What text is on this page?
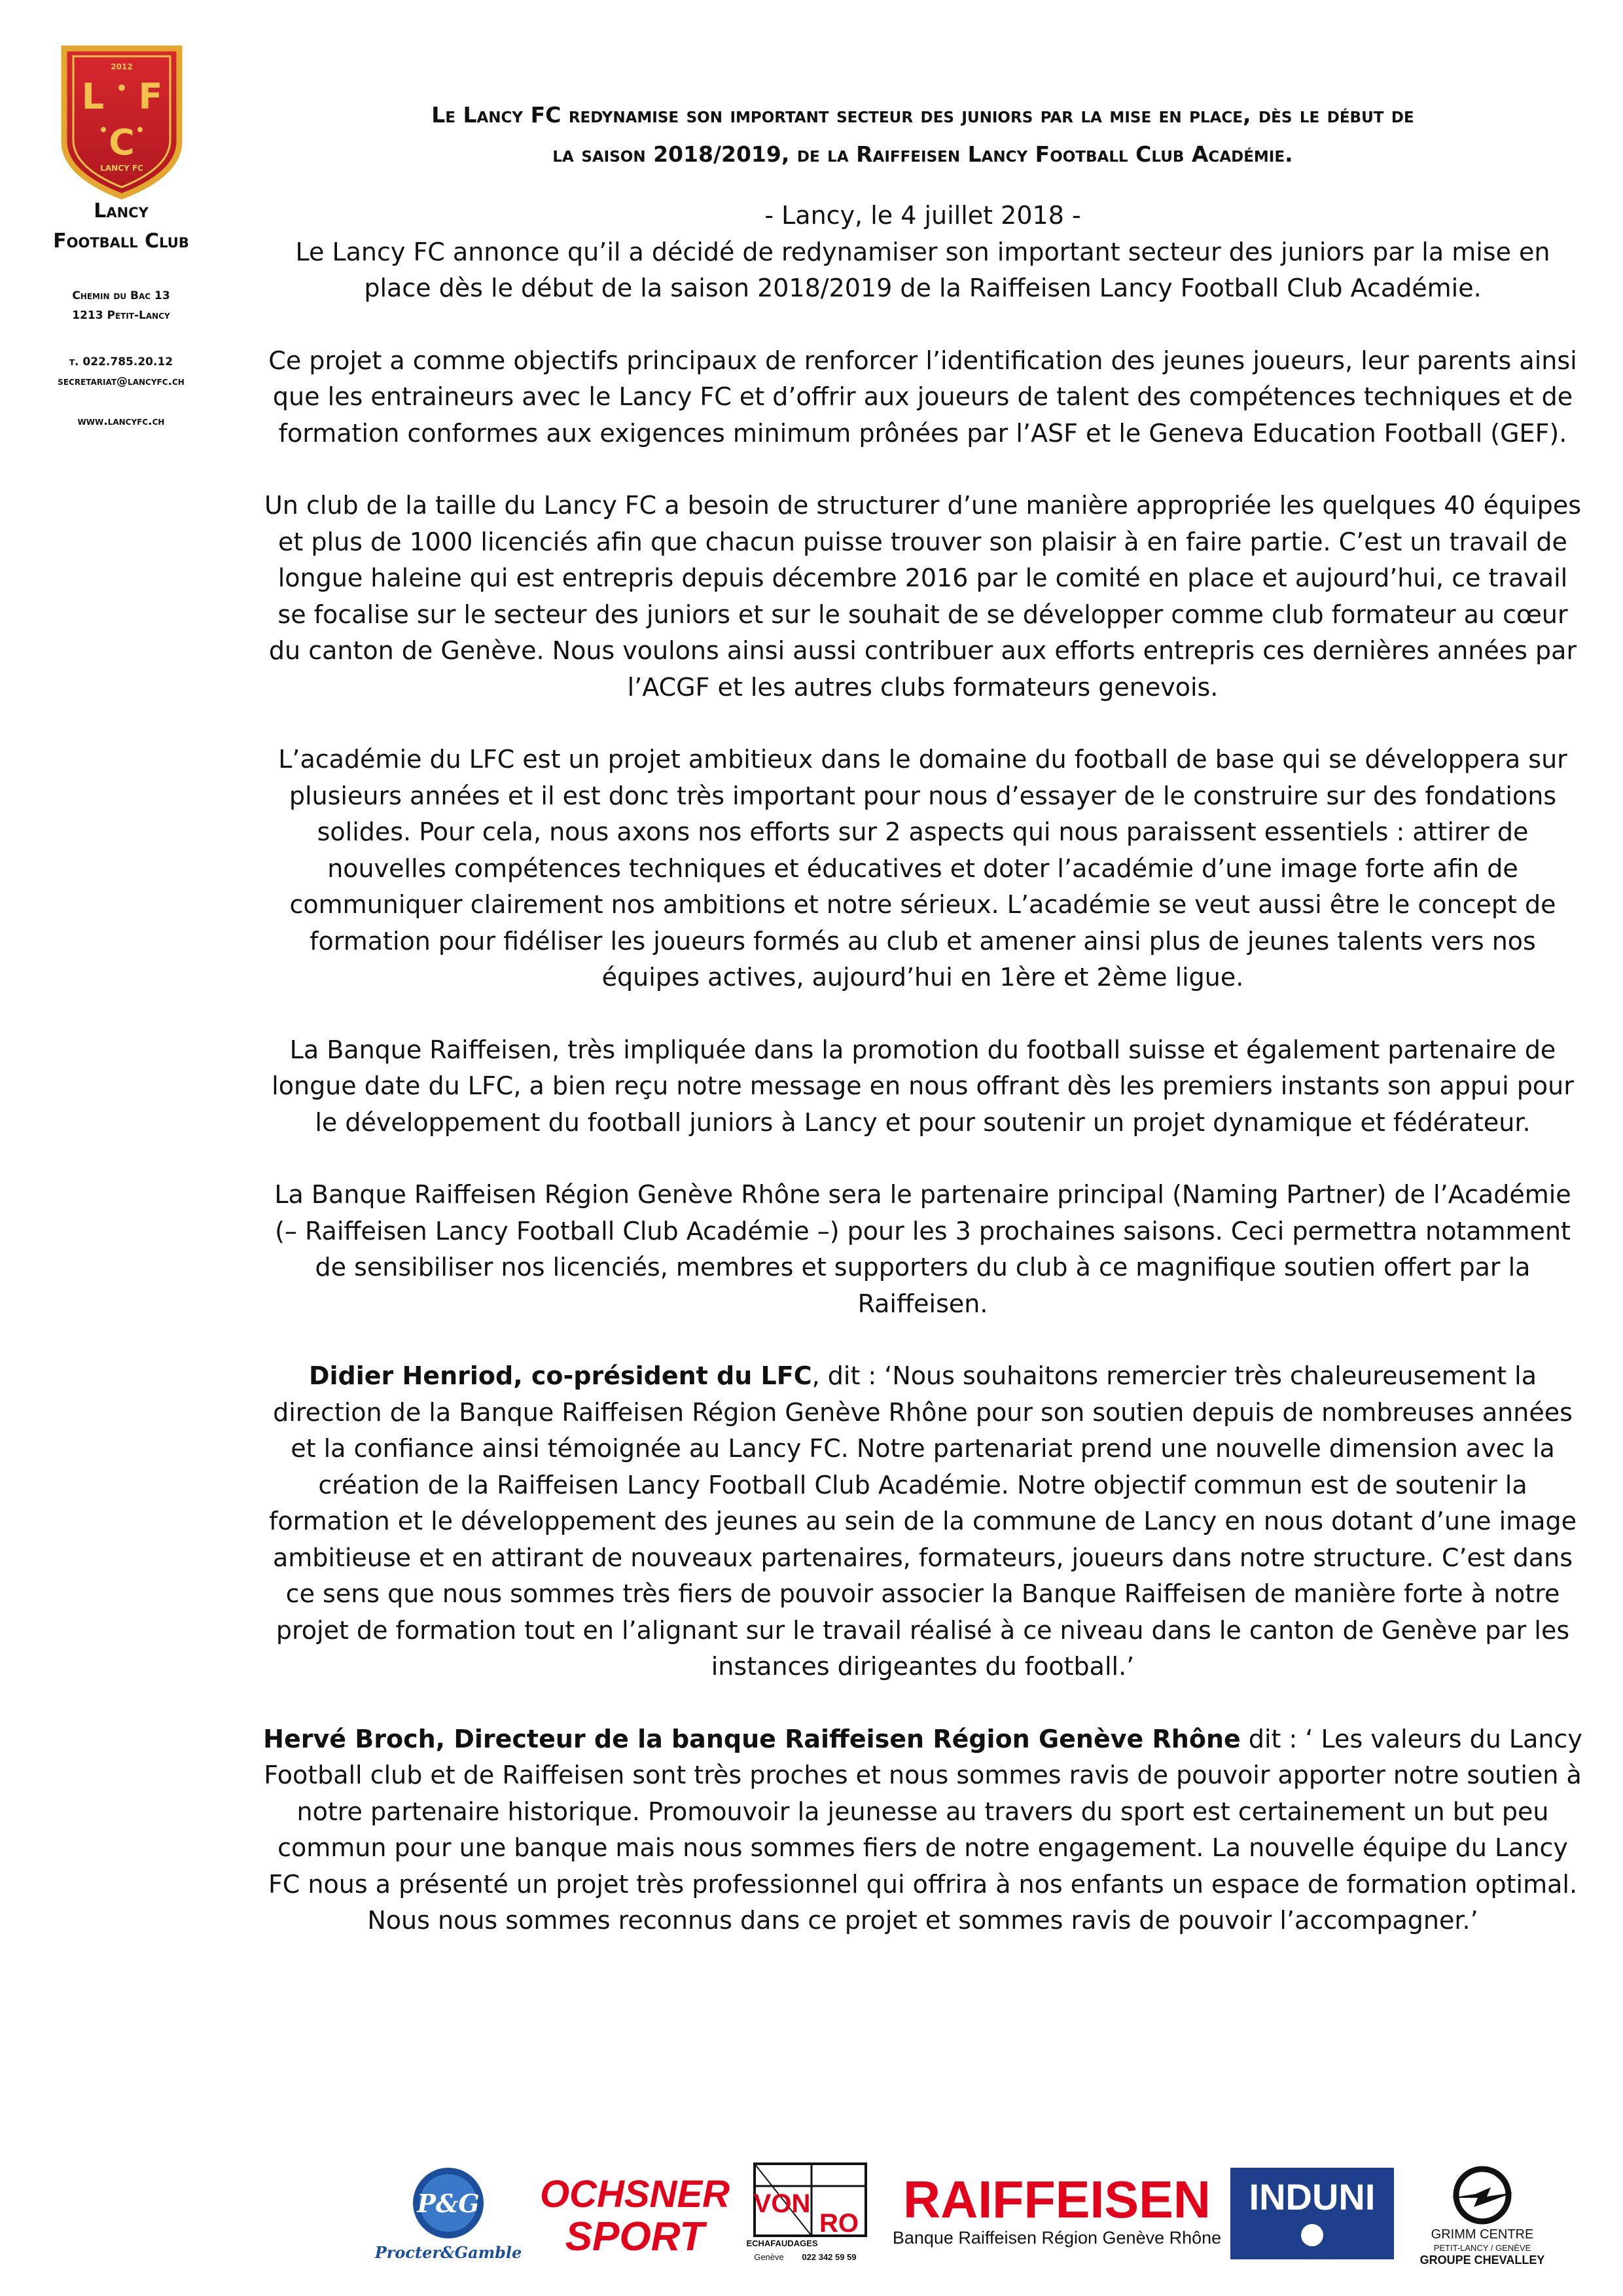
2012
L F
C
LANCY FC
Lancy
Football Club
Chemin du Bac 13
1213 Petit-Lancy
t. 022.785.20.12
secretariat@lancyfc.ch
www.lancyfc.ch
Le Lancy FC redynamise son important secteur des juniors par la mise en place, dès le début de
la saison 2018/2019, de la Raiffeisen Lancy Football Club Académie.

- Lancy, le 4 juillet 2018 -

Le Lancy FC annonce qu’il a décidé de redynamiser son important secteur des juniors par la mise en place dès le début de la saison 2018/2019 de la Raiffeisen Lancy Football Club Académie.

Ce projet a comme objectifs principaux de renforcer l’identification des jeunes joueurs, leur parents ainsi que les entraineurs avec le Lancy FC et d’offrir aux joueurs de talent des compétences techniques et de formation conformes aux exigences minimum prônées par l’ASF et le Geneva Education Football (GEF).

Un club de la taille du Lancy FC a besoin de structurer d’une manière appropriée les quelques 40 équipes et plus de 1000 licenciés afin que chacun puisse trouver son plaisir à en faire partie. C’est un travail de longue haleine qui est entrepris depuis décembre 2016 par le comité en place et aujourd’hui, ce travail se focalise sur le secteur des juniors et sur le souhait de se développer comme club formateur au cœur du canton de Genève. Nous voulons ainsi aussi contribuer aux efforts entrepris ces dernières années par l’ACGF et les autres clubs formateurs genevois.

L’académie du LFC est un projet ambitieux dans le domaine du football de base qui se développera sur plusieurs années et il est donc très important pour nous d’essayer de le construire sur des fondations solides. Pour cela, nous axons nos efforts sur 2 aspects qui nous paraissent essentiels : attirer de nouvelles compétences techniques et éducatives et doter l’académie d’une image forte afin de communiquer clairement nos ambitions et notre sérieux. L’académie se veut aussi être le concept de formation pour fidéliser les joueurs formés au club et amener ainsi plus de jeunes talents vers nos équipes actives, aujourd’hui en 1ère et 2ème ligue.

La Banque Raiffeisen, très impliquée dans la promotion du football suisse et également partenaire de longue date du LFC, a bien reçu notre message en nous offrant dès les premiers instants son appui pour le développement du football juniors à Lancy et pour soutenir un projet dynamique et fédérateur.

La Banque Raiffeisen Région Genève Rhône sera le partenaire principal (Naming Partner) de l’Académie (– Raiffeisen Lancy Football Club Académie –) pour les 3 prochaines saisons. Ceci permettra notamment de sensibiliser nos licenciés, membres et supporters du club à ce magnifique soutien offert par la Raiffeisen.

Didier Henriod, co-président du LFC, dit : ‘Nous souhaitons remercier très chaleureusement la direction de la Banque Raiffeisen Région Genève Rhône pour son soutien depuis de nombreuses années et la confiance ainsi témoignée au Lancy FC. Notre partenariat prend une nouvelle dimension avec la création de la Raiffeisen Lancy Football Club Académie. Notre objectif commun est de soutenir la formation et le développement des jeunes au sein de la commune de Lancy en nous dotant d’une image ambitieuse et en attirant de nouveaux partenaires, formateurs, joueurs dans notre structure. C’est dans ce sens que nous sommes très fiers de pouvoir associer la Banque Raiffeisen de manière forte à notre projet de formation tout en l’alignant sur le travail réalisé à ce niveau dans le canton de Genève par les instances dirigeantes du football.’

Hervé Broch, Directeur de la banque Raiffeisen Région Genève Rhône dit : ‘ Les valeurs du Lancy Football club et de Raiffeisen sont très proches et nous sommes ravis de pouvoir apporter notre soutien à notre partenaire historique. Promouvoir la jeunesse au travers du sport est certainement un but peu commun pour une banque mais nous sommes fiers de notre engagement. La nouvelle équipe du Lancy FC nous a présenté un projet très professionnel qui offrira à nos enfants un espace de formation optimal. Nous nous sommes reconnus dans ce projet et sommes ravis de pouvoir l’accompagner.’

P&G
Procter&Gamble
OCHSNER
SPORT
VON
RO
ECHAFAUDAGES
Genève 022 342 59 59
RAIFFEISEN
Banque Raiffeisen Région Genève Rhône
INDUNI
GRIMM CENTRE
PETIT-LANCY / GENÈVE
GROUPE CHEVALLEY
